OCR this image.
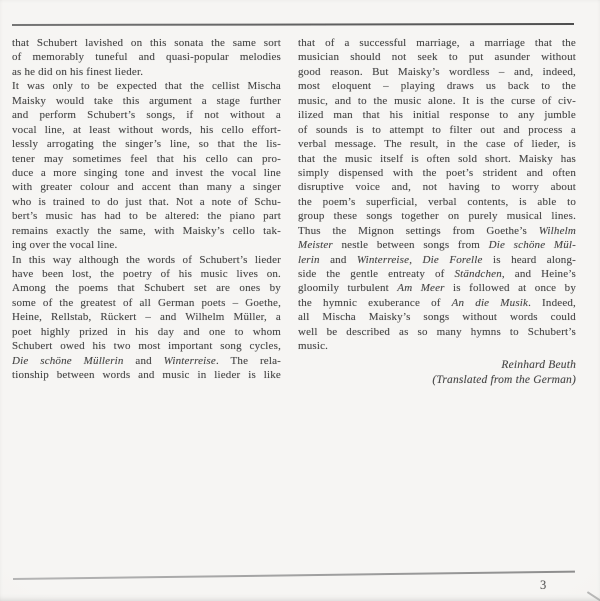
that Schubert lavished on this sonata the same sort
of memorably tuneful and quasi-popular melodies
as he did on his finest lieder.
It was only to be expected that the cellist Mischa
Maisky would take this argument a stage further
and perform Schubert’s songs, if not without a
vocal line, at least without words, his cello effort-
lessly arrogating the singer’s line, so that the lis-
tener may sometimes feel that his cello can pro-
duce a more singing tone and invest the vocal line
with greater colour and accent than many a singer
who is trained to do just that. Not a note of Schu-
bert’s music has had to be altered: the piano part
remains exactly the same, with Maisky’s cello tak-
ing over the vocal line.
In this way although the words of Schubert’s lieder
have been lost, the poetry of his music lives on.
Among the poems that Schubert set are ones by
some of the greatest of all German poets – Goethe,
Heine, Rellstab, Rückert – and Wilhelm Müller, a
poet highly prized in his day and one to whom
Schubert owed his two most important song cycles,
Die schöne Müllerin and Winterreise. The rela-
tionship between words and music in lieder is like
that of a successful marriage, a marriage that the
musician should not seek to put asunder without
good reason. But Maisky’s wordless – and, indeed,
most eloquent – playing draws us back to the
music, and to the music alone. It is the curse of civ-
ilized man that his initial response to any jumble
of sounds is to attempt to filter out and process a
verbal message. The result, in the case of lieder, is
that the music itself is often sold short. Maisky has
simply dispensed with the poet’s strident and often
disruptive voice and, not having to worry about
the poem’s superficial, verbal contents, is able to
group these songs together on purely musical lines.
Thus the Mignon settings from Goethe’s Wilhelm
Meister nestle between songs from Die schöne Mül-
lerin and Winterreise, Die Forelle is heard along-
side the gentle entreaty of Ständchen, and Heine’s
gloomily turbulent Am Meer is followed at once by
the hymnic exuberance of An die Musik. Indeed,
all Mischa Maisky’s songs without words could
well be described as so many hymns to Schubert’s
music.
Reinhard Beuth
(Translated from the German)
3
